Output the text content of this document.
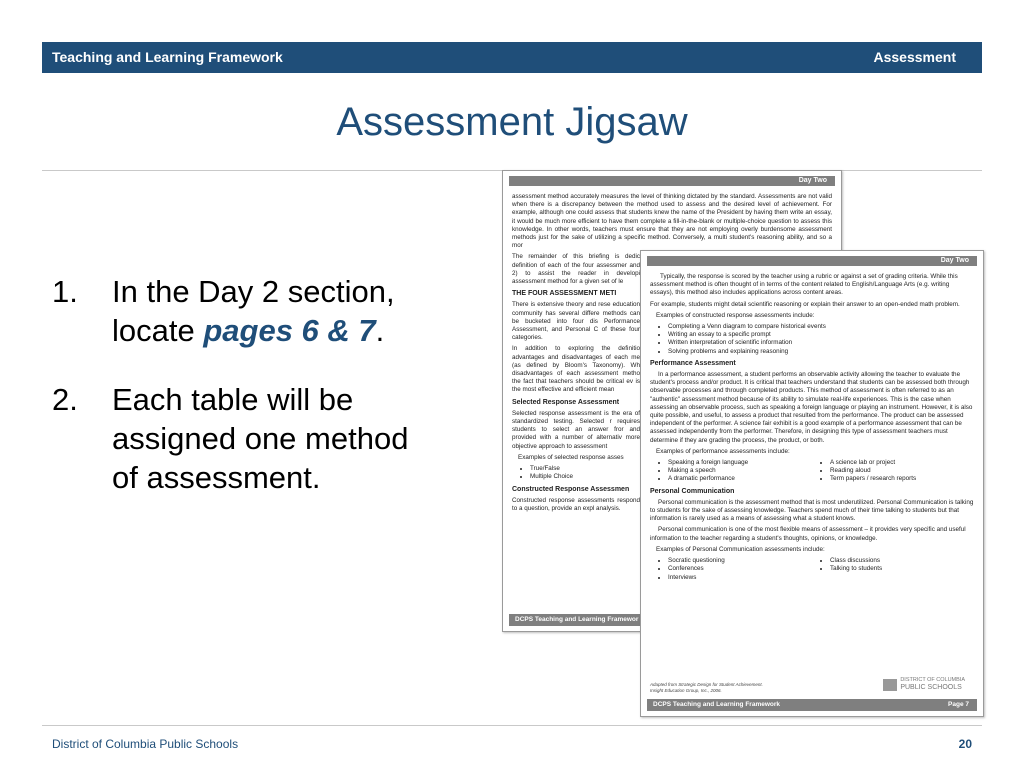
Teaching and Learning Framework	Assessment
Assessment Jigsaw
1.	In the Day 2 section, locate pages 6 & 7.
2.	Each table will be assigned one method of assessment.
Day Two

assessment method accurately measures the level of thinking dictated by the standard. Assessments are not valid when there is a discrepancy between the method used to assess and the desired level of achievement. For example, although one could assess that students knew the name of the President by having them write an essay, it would be much more efficient to have them complete a fill-in-the-blank or multiple-choice question to assess this knowledge. In other words, teachers must ensure that they are not employing overly burdensome assessment methods just for the sake of utilizing a specific method. Conversely, a multi student's reasoning ability, and so a mor

The remainder of this briefing is dedic definition of each of the four assessmer and 2) to assist the reader in developi assessment method for a given set of le

THE FOUR ASSESSMENT METI

There is extensive theory and rese education community has several differe methods can be bucketed into four dis Performance Assessment, and Personal C of these four categories.

In addition to exploring the definitio advantages and disadvantages of each me (as defined by Bloom's Taxonomy). Wh disadvantages of each assessment metho the fact that teachers should be critical ev is the most effective and efficient mean

Selected Response Assessment

Selected response assessment is the era of standardized testing. Selected r requires students to select an answer fror and provided with a number of alternativ more objective approach to assessment

Examples of selected response asses

• True/False
• Multiple Choice

Constructed Response Assessmen

Constructed response assessments respond to a question, provide an expl analysis.

DCPS Teaching and Learning Framewor
Day Two

Typically, the response is scored by the teacher using a rubric or against a set of grading criteria. While this assessment method is often thought of in terms of the content related to English/Language Arts (e.g. writing essays), this method also includes applications across content areas.

For example, students might detail scientific reasoning or explain their answer to an open-ended math problem.

Examples of constructed response assessments include:

• Completing a Venn diagram to compare historical events
• Writing an essay to a specific prompt
• Written interpretation of scientific information
• Solving problems and explaining reasoning

Performance Assessment

In a performance assessment, a student performs an observable activity allowing the teacher to evaluate the student's process and/or product. It is critical that teachers understand that students can be assessed both through observable processes and through completed products. This method of assessment is often referred to as an "authentic" assessment method because of its ability to simulate real-life experiences. This is the case when assessing an observable process, such as speaking a foreign language or playing an instrument. However, it is also quite possible, and useful, to assess a product that resulted from the performance. The product can be assessed independent of the performer. A science fair exhibit is a good example of a performance assessment that can be assessed independently from the performer. Therefore, in designing this type of assessment teachers must determine if they are grading the process, the product, or both.

Examples of performance assessments include:

• Speaking a foreign language
• Making a speech
• A dramatic performance
• A science lab or project
• Reading aloud
• Term papers / research reports

Personal Communication

Personal communication is the assessment method that is most underutilized. Personal Communication is talking to students for the sake of assessing knowledge. Teachers spend much of their time talking to students but that information is rarely used as a means of assessing what a student knows.

Personal communication is one of the most flexible means of assessment – it provides very specific and useful information to the teacher regarding a student's thoughts, opinions, or knowledge.

Examples of Personal Communication assessments include:

• Socratic questioning
• Conferences
• Interviews
• Class discussions
• Talking to students
Adapted from Strategic Design for Student Achievement.
Insight Education Group, Inc., 2006.
DISTRICT OF COLUMBIA
PUBLIC SCHOOLS
DCPS Teaching and Learning Framework	Page 7
District of Columbia Public Schools	20
